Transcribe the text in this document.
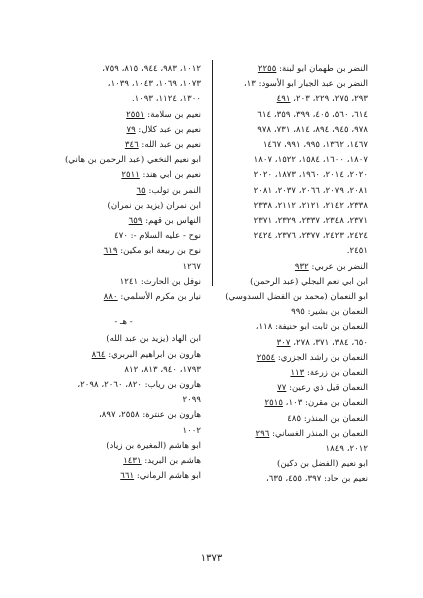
النضر بن طهمان ابو لبنة: ٢٢٥٥
النضر بن عبد الجبار ابو الأسود: ١٣،
٢٩٣، ٢٧٥، ٢٢٩، ٢٠٣، ٤٩١
٦١٤، ٥٦٠، ٤٠٥، ٣٩٩، ٣٥٩، ٦١٤
٩٧٨، ٩٤٥، ٨٩٤، ٨١٤، ٧٣١، ٩٧٨
١٤٦٧، ١٣٦٢، ٩٩٥، ٩٩١، ١٤٦٧
١٨٠٧، ١٦٠٠، ١٥٨٤، ١٥٢٢، ١٨٠٧
٢٠٢٠، ٢٠١٤، ١٩٦٠، ١٨٧٣، ٢٠٢٠
٢٠٨١، ٢٠٧٩، ٢٠٦٦، ٢٠٣٧، ٢٠٨١
٢٣٣٨، ٢١٤٢، ٢١٢١، ٢١١٢، ٢٣٣٨
٢٣٧١، ٢٣٤٨، ٢٣٣٧، ٢٣٢٩، ٢٣٧١
٢٤٢٤، ٢٤٢٣، ٢٣٧٧، ٢٣٧٦، ٢٤٢٤
٢٤٥١.
النضر بن عربي: ٩٣٢
ابن ابي نعم البجلي (عبد الرحمن)
ابو النعمان (محمد بن الفضل السدوسي)
النعمان بن بشير: ٩٩٥
النعمان بن ثابت ابو حنيفة: ١١٨،
٦٥٠، ٣٨٤، ٣٧١، ٢٧٨، ٣٠٧
النعمان بن راشد الجزري: ٢٥٥٤
النعمان بن زرعة: ١١٣
النعمان قيل ذي رعين: ٧٧
النعمان بن مقرن: ١٠٣، ٢٥١٥
النعمان بن المنذر: ٤٨٥
النعمان بن المنذر الغساني: ٢٩٦
٢٠١٢، ١٨٤٩
ابو نعيم (الفضل بن دكين)
نعيم بن حاد: ٣٩٧، ٤٥٥، ٦٣٥،
١٠١٢، ٩٨٣، ٩٤٤، ٨١٥، ٧٥٩،
١٠٧٣، ١٠٦٩، ١٠٤٣، ١٠٣٩،
١٣٠٠، ١١٢٤، ١٠٩٣.
نعيم بن سلامة: ٢٥٥١
نعيم بن عبد كلال: ٧٩
نعيم بن عبد الله: ٣٤٦
ابو نعيم النخعي (عبد الرحمن بن هاني)
نعيم بن ابي هند: ٢٥١١
النمر بن تولب: ٦٥
ابن نمران (يزيد بن نمران)
النهاس بن قهم: ٦٥٩
نوح - عليه السلام -: ٤٧٠
نوح بن ربيعة ابو مكين: ٦١٩
١٢٦٧
نوفل بن الحارث: ١٢٤١
نيار بن مكرم الأسلمي: ٨٨٠
- هـ -
ابن الهاد (يزيد بن عبد الله)
هارون بن ابراهيم البربري: ٨٦٤
١٧٩٣، ٩٤٠، ٨١٣، ٨١٢
هارون بن رياب: ٨٢٠، ٢٠٦٠، ٢٠٩٨،
٢٠٩٩
هارون بن عنترة: ٢٥٥٨، ٨٩٧،
١٠٠٢
ابو هاشم (المغيرة بن زياد)
هاشم بن البريد: ١٤٣١
ابو هاشم الرماني: ٦٦١
١٣٧٣
